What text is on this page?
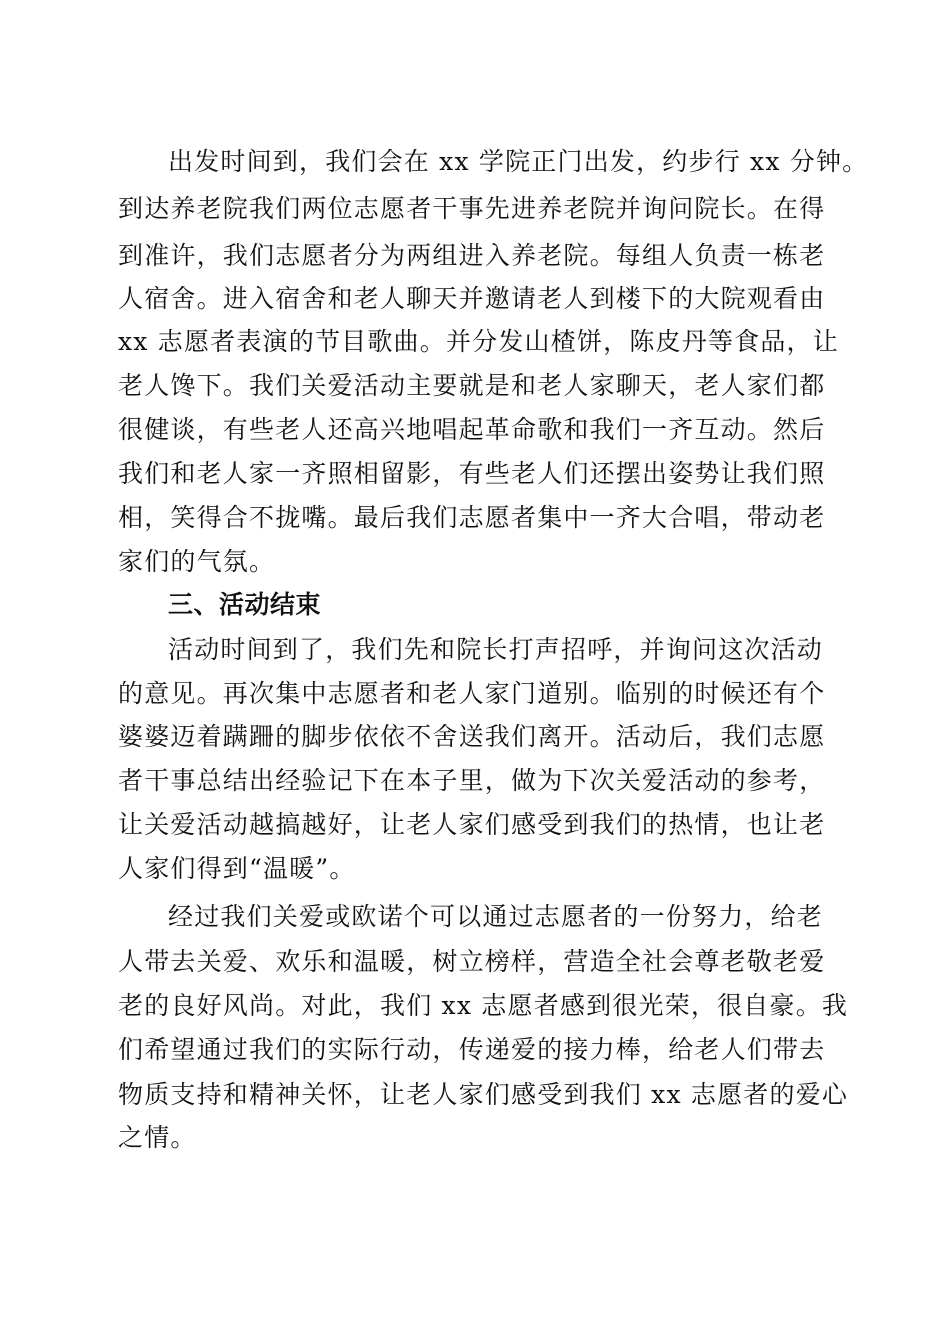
出发时间到，我们会在 xx 学院正门出发，约步行 xx 分钟。
到达养老院我们两位志愿者干事先进养老院并询问院长。在得
到准许，我们志愿者分为两组进入养老院。每组人负责一栋老
人宿舍。进入宿舍和老人聊天并邀请老人到楼下的大院观看由
xx 志愿者表演的节目歌曲。并分发山楂饼，陈皮丹等食品，让
老人馋下。我们关爱活动主要就是和老人家聊天，老人家们都
很健谈，有些老人还高兴地唱起革命歌和我们一齐互动。然后
我们和老人家一齐照相留影，有些老人们还摆出姿势让我们照
相，笑得合不拢嘴。最后我们志愿者集中一齐大合唱，带动老
家们的气氛。
三、活动结束
活动时间到了，我们先和院长打声招呼，并询问这次活动
的意见。再次集中志愿者和老人家门道别。临别的时候还有个
婆婆迈着蹒跚的脚步依依不舍送我们离开。活动后，我们志愿
者干事总结出经验记下在本子里，做为下次关爱活动的参考，
让关爱活动越搞越好，让老人家们感受到我们的热情，也让老
人家们得到“温暖”。
经过我们关爱或欧诺个可以通过志愿者的一份努力，给老
人带去关爱、欢乐和温暖，树立榜样，营造全社会尊老敬老爱
老的良好风尚。对此，我们 xx 志愿者感到很光荣，很自豪。我
们希望通过我们的实际行动，传递爱的接力棒，给老人们带去
物质支持和精神关怀，让老人家们感受到我们 xx 志愿者的爱心
之情。
